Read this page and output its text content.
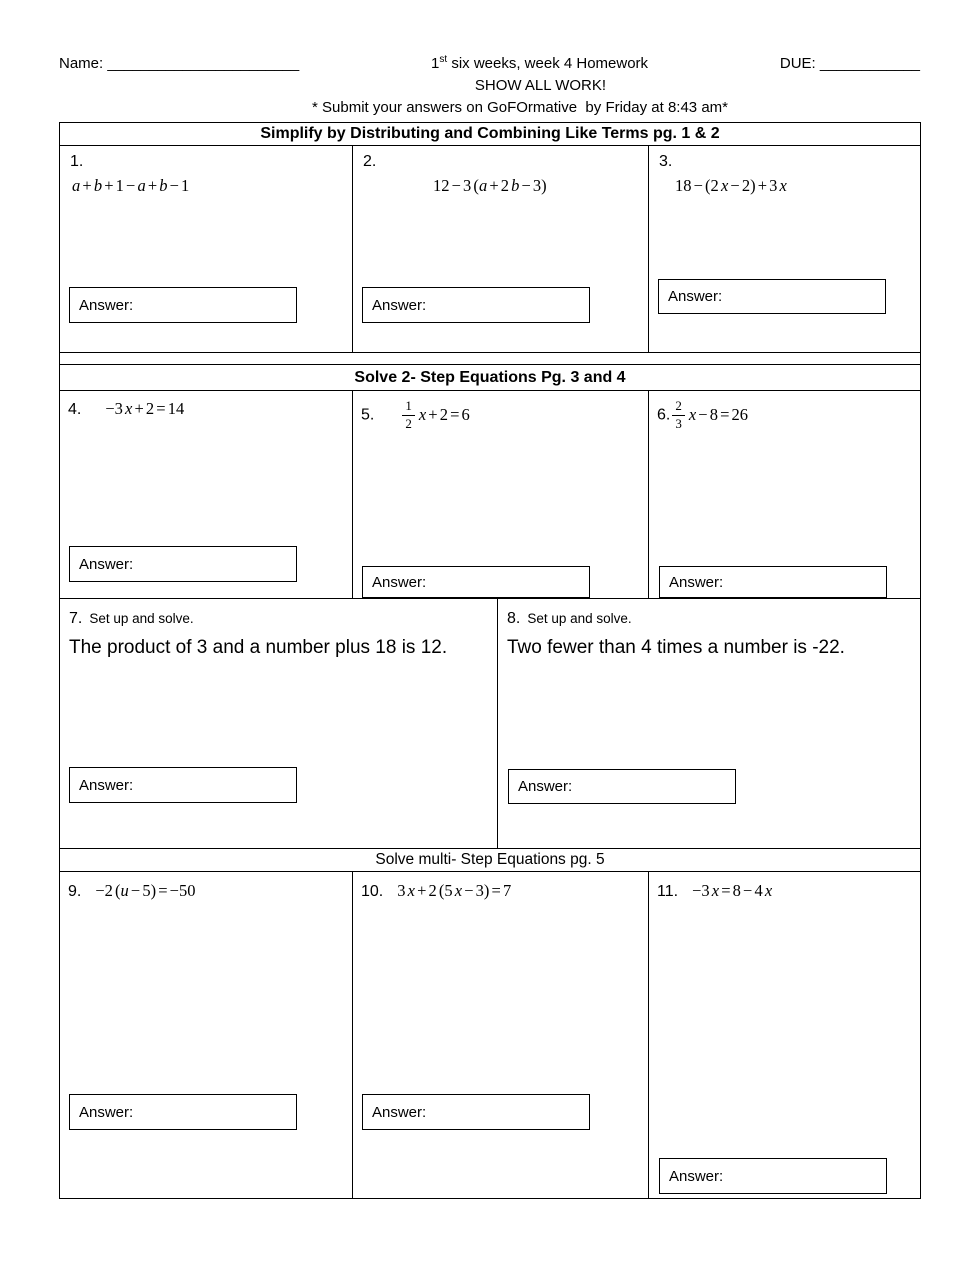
Name: _______________________	1st six weeks, week 4 Homework	DUE: ____________
SHOW ALL WORK!
* Submit your answers on GoFOrmative  by Friday at 8:43 am*
Simplify by Distributing and Combining Like Terms pg. 1 & 2
1.
a + b + 1 − a + b − 1
Answer:
2.
12 − 3 (a + 2 b − 3)
Answer:
3.
18 − (2 x − 2) + 3 x
Answer:
Solve 2- Step Equations Pg. 3 and 4
4. −3 x + 2 = 14
Answer:
5. $\frac{1}{2}$ x + 2 = 6
Answer:
6. $\frac{2}{3}$ x − 8 = 26
Answer:
7. Set up and solve.
The product of 3 and a number plus 18 is 12.
Answer:
8. Set up and solve.
Two fewer than 4 times a number is -22.
Answer:
Solve multi- Step Equations pg. 5
9. −2 (u − 5) = −50
Answer:
10. 3 x + 2 (5 x − 3) = 7
Answer:
11. −3 x = 8 − 4 x
Answer:
